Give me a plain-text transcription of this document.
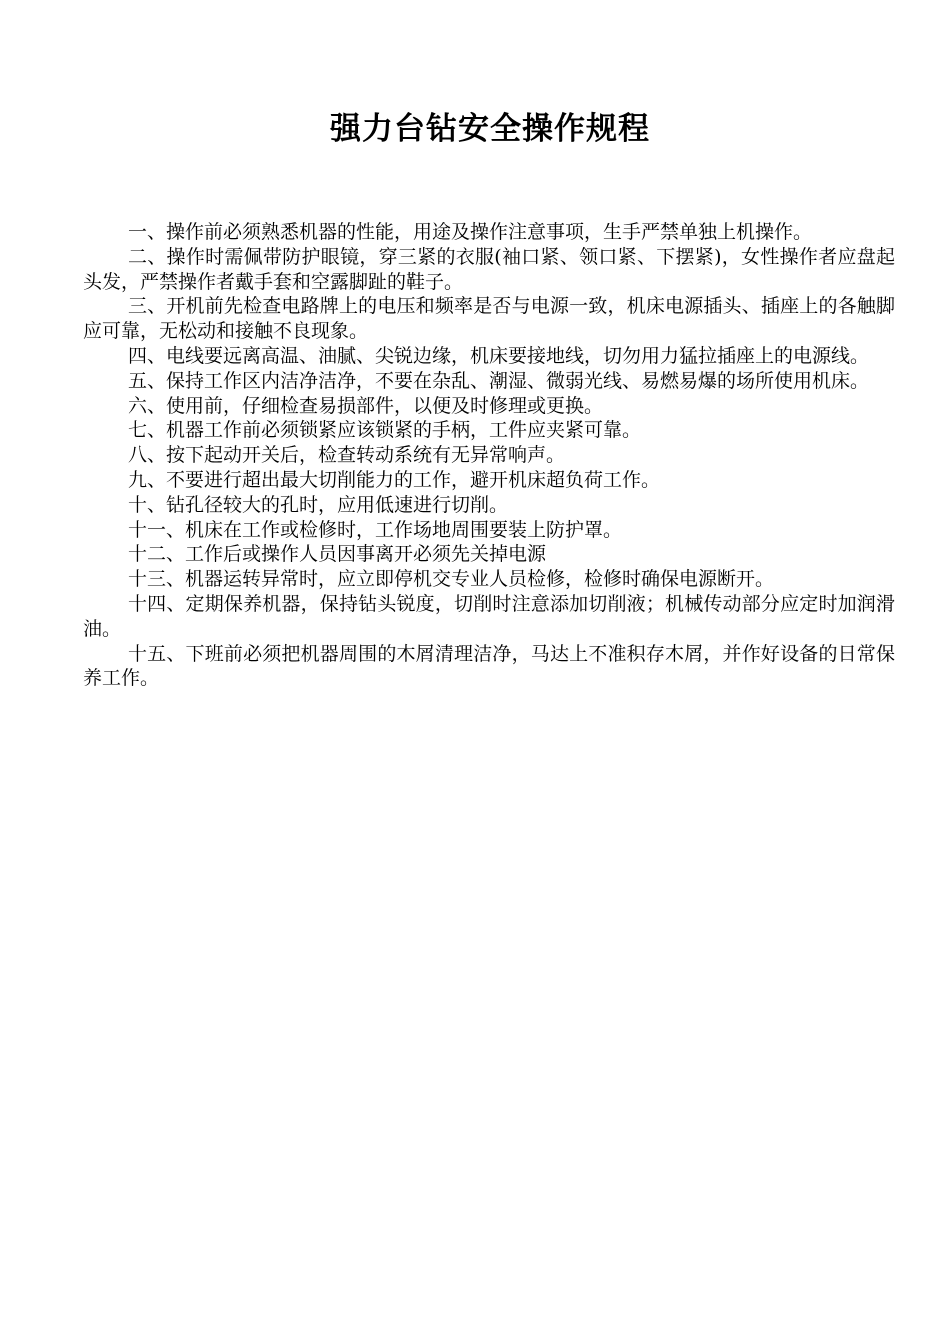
强力台钻安全操作规程
一、操作前必须熟悉机器的性能，用途及操作注意事项，生手严禁单独上机操作。
二、操作时需佩带防护眼镜，穿三紧的衣服(袖口紧、领口紧、下摆紧)，女性操作者应盘起头发，严禁操作者戴手套和空露脚趾的鞋子。
三、开机前先检查电路牌上的电压和频率是否与电源一致，机床电源插头、插座上的各触脚应可靠，无松动和接触不良现象。
四、电线要远离高温、油腻、尖锐边缘，机床要接地线，切勿用力猛拉插座上的电源线。
五、保持工作区内洁净洁净，不要在杂乱、潮湿、微弱光线、易燃易爆的场所使用机床。
六、使用前，仔细检查易损部件，以便及时修理或更换。
七、机器工作前必须锁紧应该锁紧的手柄，工件应夹紧可靠。
八、按下起动开关后，检查转动系统有无异常响声。
九、不要进行超出最大切削能力的工作，避开机床超负荷工作。
十、钻孔径较大的孔时，应用低速进行切削。
十一、机床在工作或检修时，工作场地周围要装上防护罩。
十二、工作后或操作人员因事离开必须先关掉电源
十三、机器运转异常时，应立即停机交专业人员检修，检修时确保电源断开。
十四、定期保养机器，保持钻头锐度，切削时注意添加切削液；机械传动部分应定时加润滑油。
十五、下班前必须把机器周围的木屑清理洁净，马达上不准积存木屑，并作好设备的日常保养工作。
